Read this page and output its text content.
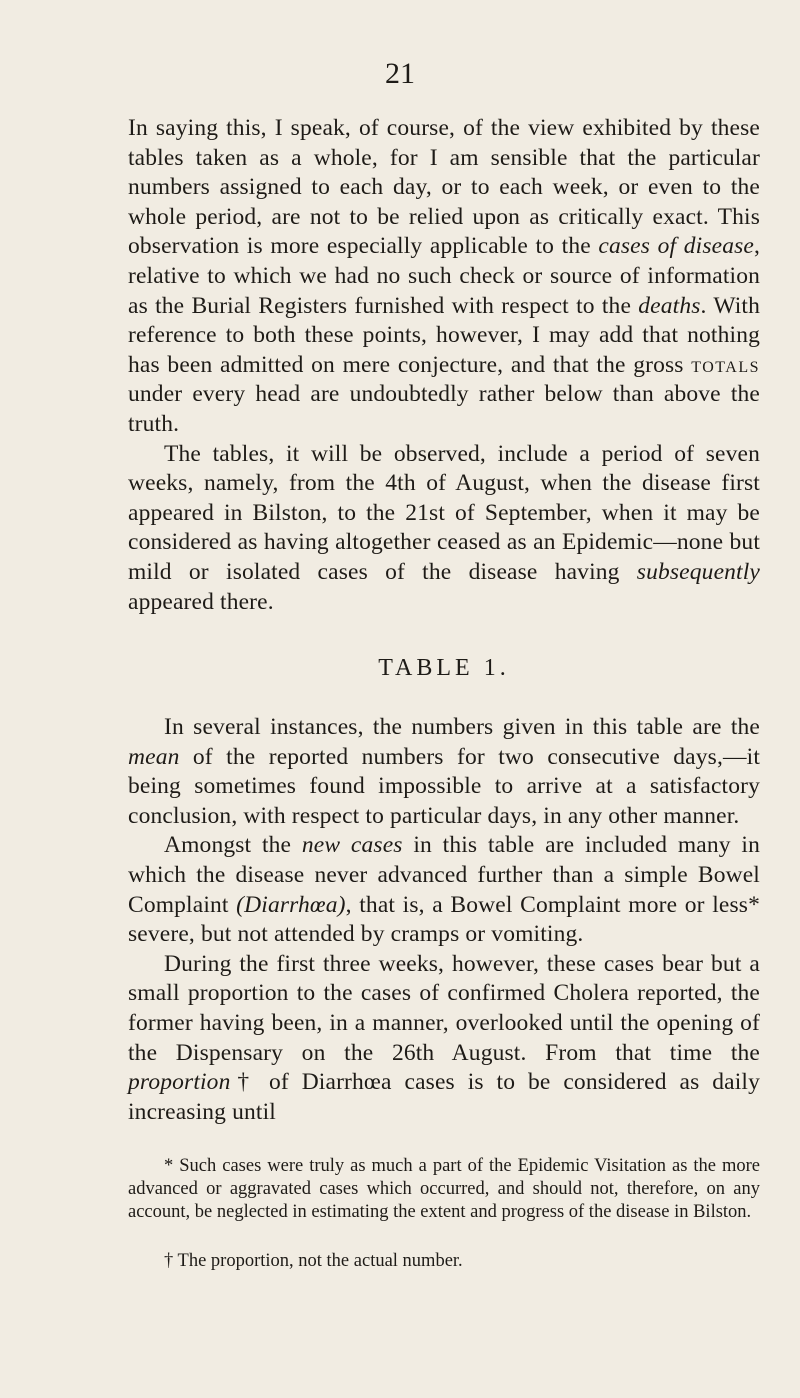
21

In saying this, I speak, of course, of the view exhibited by these tables taken as a whole, for I am sensible that the particular numbers assigned to each day, or to each week, or even to the whole period, are not to be relied upon as critically exact. This observation is more especially applicable to the cases of disease, relative to which we had no such check or source of information as the Burial Registers furnished with respect to the deaths. With reference to both these points, however, I may add that nothing has been admitted on mere conjecture, and that the gross totals under every head are undoubtedly rather below than above the truth.

The tables, it will be observed, include a period of seven weeks, namely, from the 4th of August, when the disease first appeared in Bilston, to the 21st of September, when it may be considered as having altogether ceased as an Epidemic—none but mild or isolated cases of the disease having subsequently appeared there.

TABLE 1.

In several instances, the numbers given in this table are the mean of the reported numbers for two consecutive days,—it being sometimes found impossible to arrive at a satisfactory conclusion, with respect to particular days, in any other manner.

Amongst the new cases in this table are included many in which the disease never advanced further than a simple Bowel Complaint (Diarrhœa), that is, a Bowel Complaint more or less* severe, but not attended by cramps or vomiting.

During the first three weeks, however, these cases bear but a small proportion to the cases of confirmed Cholera reported, the former having been, in a manner, overlooked until the opening of the Dispensary on the 26th August. From that time the proportion† of Diarrhœa cases is to be considered as daily increasing until

* Such cases were truly as much a part of the Epidemic Visitation as the more advanced or aggravated cases which occurred, and should not, therefore, on any account, be neglected in estimating the extent and progress of the disease in Bilston.

† The proportion, not the actual number.
